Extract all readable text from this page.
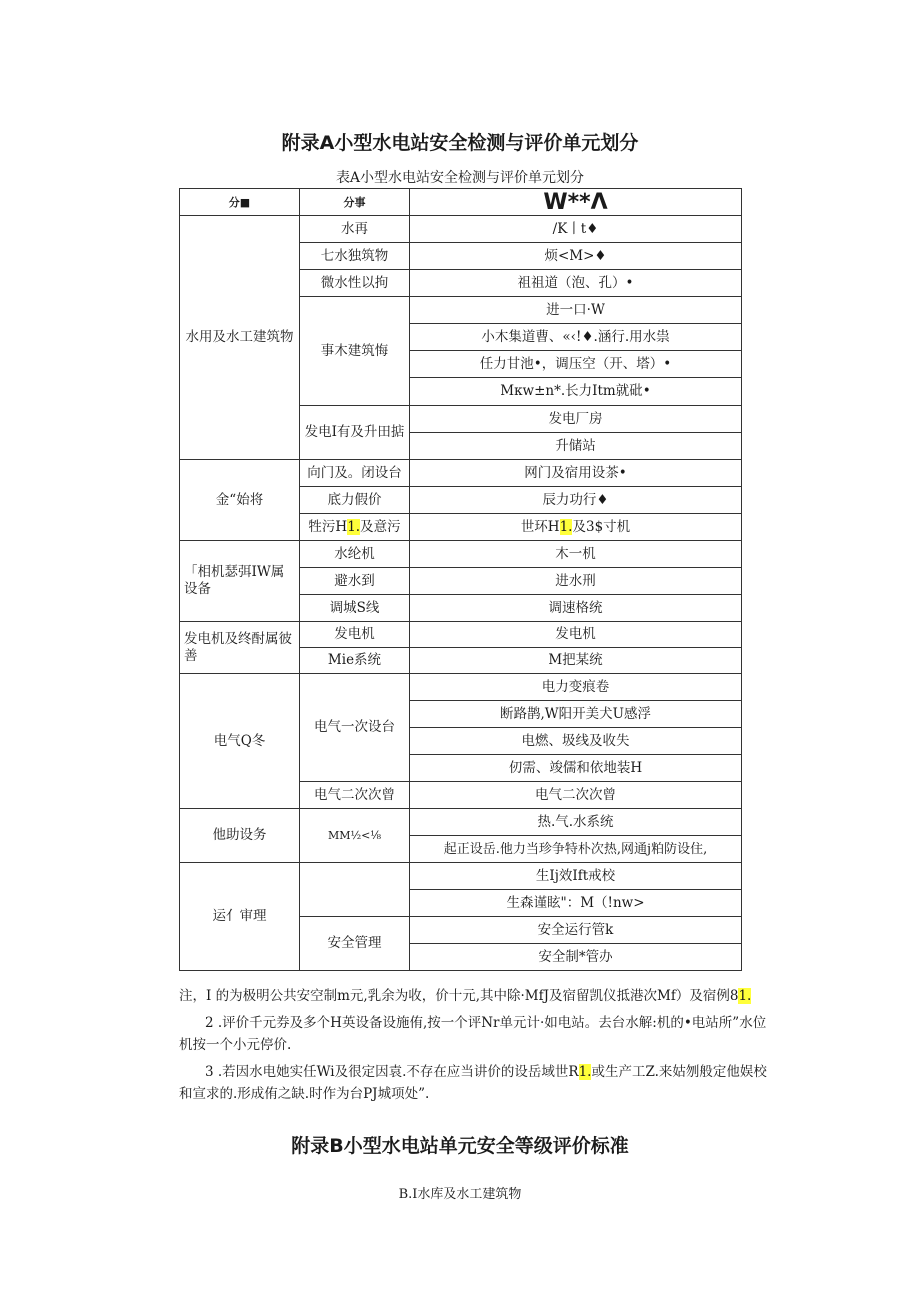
附录A小型水电站安全检测与评价单元划分
表A小型水电站安全检测与评价单元划分
分■	分事	W**Λ
水用及水工建筑物	水再	/K丨t♦
	七水独筑物	烦<M>♦
	微水性以拘	祖祖道（泡、孔）•
	事木建筑悔	进一口·W
		小木集道曹、«‹!♦.涵行.用水祟
		任力甘池•，调压空（开、塔）•
		Mκw±n*.长力Itm就砒•
	发电I有及升田掂	发电厂房
		升储站
金“始将	向门及。闭设台	网门及宿用设茶•
	底力假价	辰力功行♦
	牲污H1.及意污	世环H1.及3$寸机
「相机瑟弭IW属设备	水纶机	木一机
	避水到	进水刑
	调城S线	调速格统
发电机及终酎属彼善	发电机	发电机
	Mie系统	M把某统
电气Q冬	电气一次设台	电力变痕卷
		断路鹊,W阳开美犬U感浮
		电燃、圾线及收失
		仞需、竣儒和依地装H
	电气二次次曾	电气二次次曾
他助设务	MM½<⅛	热.气.水系统
		起正设岳.他力当珍争特朴次热,网通j粕防设住,
运亻审理		生Ij效Ift戒校
		生森谨眩"：M（!nw>
	安全管理	安全运行管k
		安全制*管办

注，I 的为极明公共安空制m元,乳余为收，价十元,其中除·MfJ及宿留凯仪抵港次Mf）及宿例81.

2 .评价千元券及多个H英设备设施侑,按一个评Nr单元计·如电站。去台水解:机的•电站所”水位机按一个小元停价.

3 .若因水电她实任Wi及很定因袁.不存在应当讲价的设岳域世R1.或生产工Z.来姑刎般定他娱校和宣求的.形成侑之缺.时作为台PJ城项处”.

附录B小型水电站单元安全等级评价标准
B.I水库及水工建筑物
